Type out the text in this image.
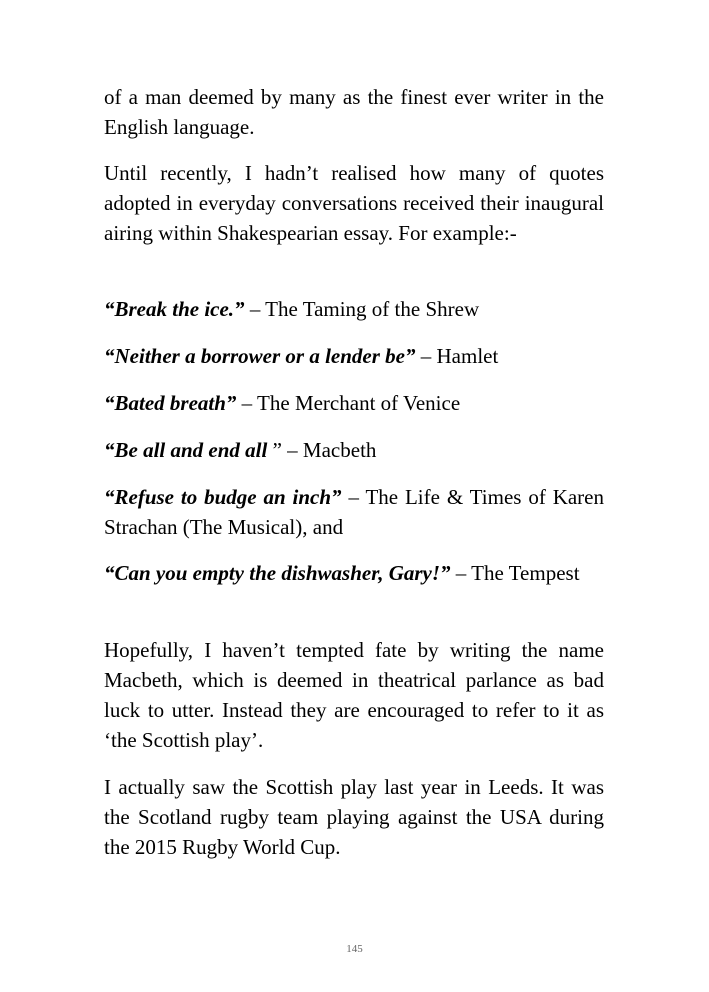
of a man deemed by many as the finest ever writer in the English language.

Until recently, I hadn’t realised how many of quotes adopted in everyday conversations received their inaugural airing within Shakespearian essay. For example:-

“Break the ice.” – The Taming of the Shrew

“Neither a borrower or a lender be” – Hamlet

“Bated breath” – The Merchant of Venice

“Be all and end all ” – Macbeth

“Refuse to budge an inch” – The Life & Times of Karen Strachan (The Musical), and

“Can you empty the dishwasher, Gary!” – The Tempest

Hopefully, I haven’t tempted fate by writing the name Macbeth, which is deemed in theatrical parlance as bad luck to utter. Instead they are encouraged to refer to it as ‘the Scottish play’.

I actually saw the Scottish play last year in Leeds. It was the Scotland rugby team playing against the USA during the 2015 Rugby World Cup.

145
